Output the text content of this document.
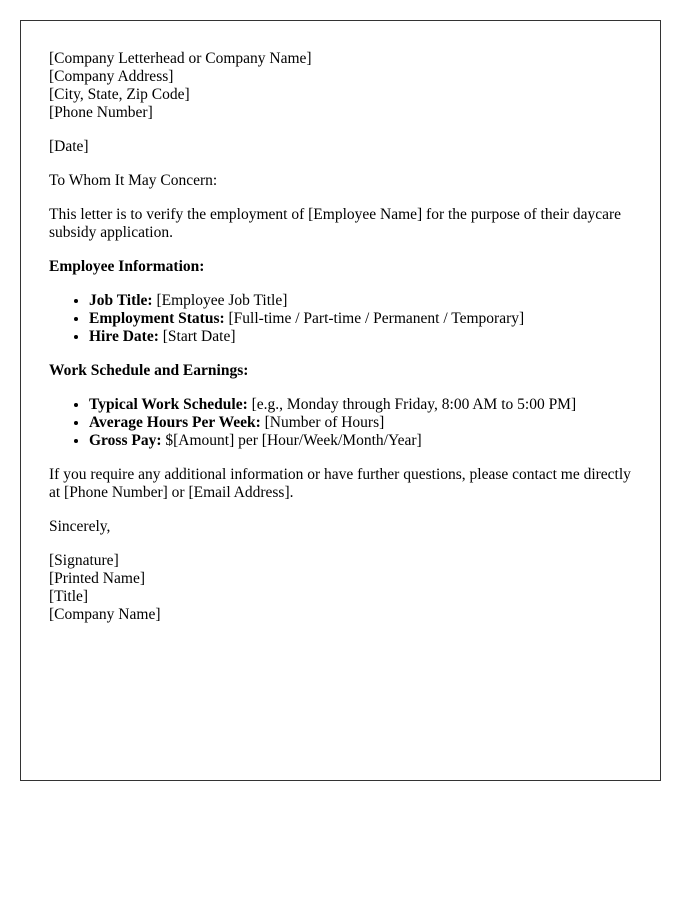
[Company Letterhead or Company Name]
[Company Address]
[City, State, Zip Code]
[Phone Number]

[Date]

To Whom It May Concern:

This letter is to verify the employment of [Employee Name] for the purpose of their daycare subsidy application.

Employee Information:
• Job Title: [Employee Job Title]
• Employment Status: [Full-time / Part-time / Permanent / Temporary]
• Hire Date: [Start Date]
Work Schedule and Earnings:
• Typical Work Schedule: [e.g., Monday through Friday, 8:00 AM to 5:00 PM]
• Average Hours Per Week: [Number of Hours]
• Gross Pay: $[Amount] per [Hour/Week/Month/Year]

If you require any additional information or have further questions, please contact me directly at [Phone Number] or [Email Address].

Sincerely,

[Signature]
[Printed Name]
[Title]
[Company Name]
